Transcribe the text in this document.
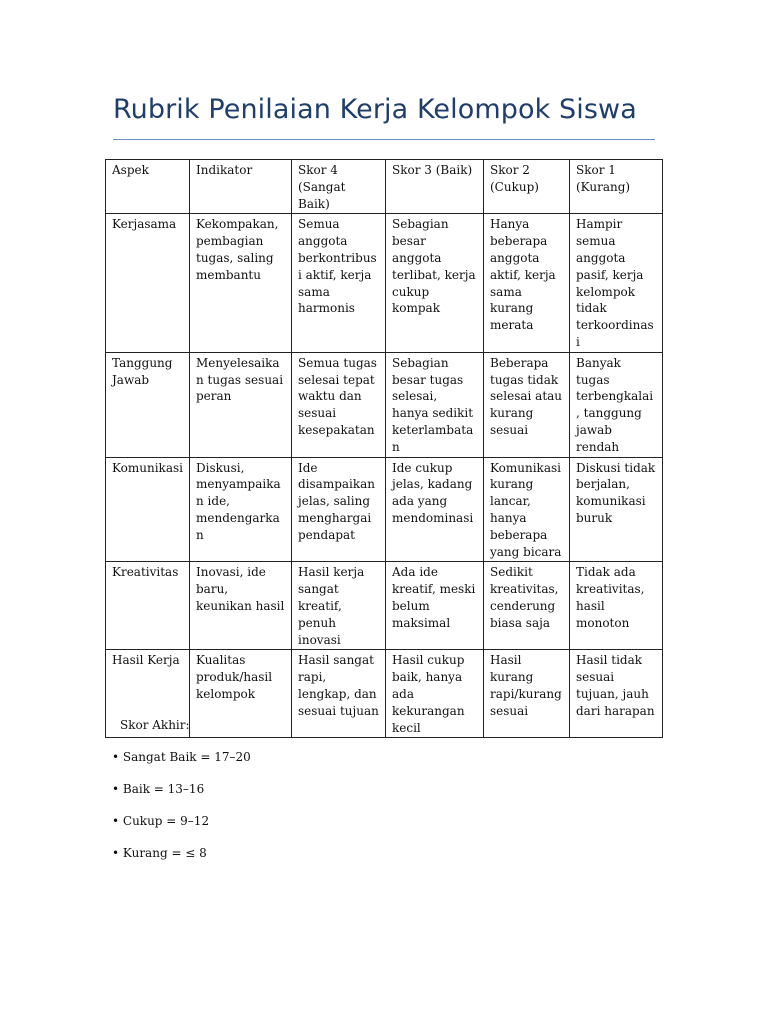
Rubrik Penilaian Kerja Kelompok Siswa
Aspek	Indikator	Skor 4 (Sangat Baik)	Skor 3 (Baik)	Skor 2 (Cukup)	Skor 1 (Kurang)
Kerjasama	Kekompakan, pembagian tugas, saling membantu	Semua anggota berkontribusi aktif, kerja sama harmonis	Sebagian besar anggota terlibat, kerja cukup kompak	Hanya beberapa anggota aktif, kerja sama kurang merata	Hampir semua anggota pasif, kerja kelompok tidak terkoordinasi
Tanggung Jawab	Menyelesaikan tugas sesuai peran	Semua tugas selesai tepat waktu dan sesuai kesepakatan	Sebagian besar tugas selesai, hanya sedikit keterlambatan	Beberapa tugas tidak selesai atau kurang sesuai	Banyak tugas terbengkalai, tanggung jawab rendah
Komunikasi	Diskusi, menyampaikan ide, mendengarkan	Ide disampaikan jelas, saling menghargai pendapat	Ide cukup jelas, kadang ada yang mendominasi	Komunikasi kurang lancar, hanya beberapa yang bicara	Diskusi tidak berjalan, komunikasi buruk
Kreativitas	Inovasi, ide baru, keunikan hasil	Hasil kerja sangat kreatif, penuh inovasi	Ada ide kreatif, meski belum maksimal	Sedikit kreativitas, cenderung biasa saja	Tidak ada kreativitas, hasil monoton
Hasil Kerja	Kualitas produk/hasil kelompok	Hasil sangat rapi, lengkap, dan sesuai tujuan	Hasil cukup baik, hanya ada kekurangan kecil	Hasil kurang rapi/kurang sesuai	Hasil tidak sesuai tujuan, jauh dari harapan

Skor Akhir:

• Sangat Baik = 17–20

• Baik = 13–16

• Cukup = 9–12

• Kurang = ≤ 8
